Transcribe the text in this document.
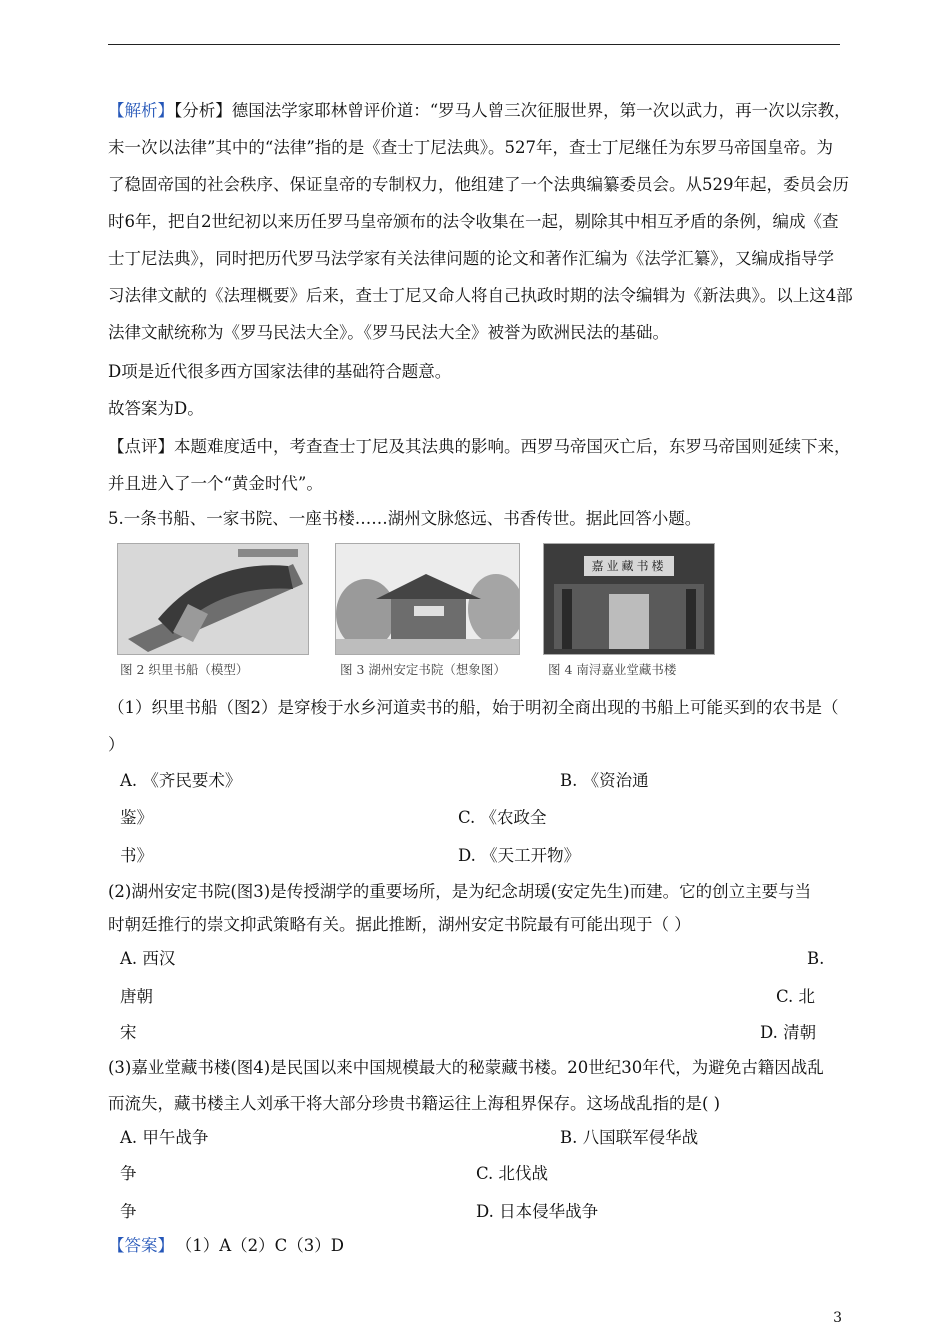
【解析】【分析】德国法学家耶林曾评价道：“罗马人曾三次征服世界，第一次以武力，再一次以宗教，
末一次以法律”其中的“法律”指的是《查士丁尼法典》。527年，查士丁尼继任为东罗马帝国皇帝。为
了稳固帝国的社会秩序、保证皇帝的专制权力，他组建了一个法典编纂委员会。从529年起，委员会历
时6年，把自2世纪初以来历任罗马皇帝颁布的法令收集在一起，剔除其中相互矛盾的条例，编成《查
士丁尼法典》，同时把历代罗马法学家有关法律问题的论文和著作汇编为《法学汇纂》，又编成指导学
习法律文献的《法理概要》后来，查士丁尼又命人将自己执政时期的法令编辑为《新法典》。以上这4部
法律文献统称为《罗马民法大全》。《罗马民法大全》被誉为欧洲民法的基础。
D项是近代很多西方国家法律的基础符合题意。
故答案为D。
【点评】本题难度适中，考查查士丁尼及其法典的影响。西罗马帝国灭亡后，东罗马帝国则延续下来，
并且进入了一个“黄金时代”。
5.一条书船、一家书院、一座书楼……湖州文脉悠远、书香传世。据此回答小题。
嘉业藏书楼
图 2 织里书船（模型）	图 3 湖州安定书院（想象图）	图 4 南浔嘉业堂藏书楼
（1）织里书船（图2）是穿梭于水乡河道卖书的船，始于明初全商出现的书船上可能买到的农书是（
）
A. 《齐民要术》	B. 《资治通
鉴》	C. 《农政全
书》	D. 《天工开物》
(2)湖州安定书院(图3)是传授湖学的重要场所，是为纪念胡瑗(安定先生)而建。它的创立主要与当
时朝廷推行的崇文抑武策略有关。据此推断，湖州安定书院最有可能出现于（ ）
A. 西汉	B.
唐朝	C. 北
宋	D. 清朝
(3)嘉业堂藏书楼(图4)是民国以来中国规模最大的秘蒙藏书楼。20世纪30年代，为避免古籍因战乱
而流失，藏书楼主人刘承干将大部分珍贵书籍运往上海租界保存。这场战乱指的是( )
A. 甲午战争	B. 八国联军侵华战
争	C. 北伐战
争	D. 日本侵华战争
【答案】 （1）A（2）C（3）D
3
